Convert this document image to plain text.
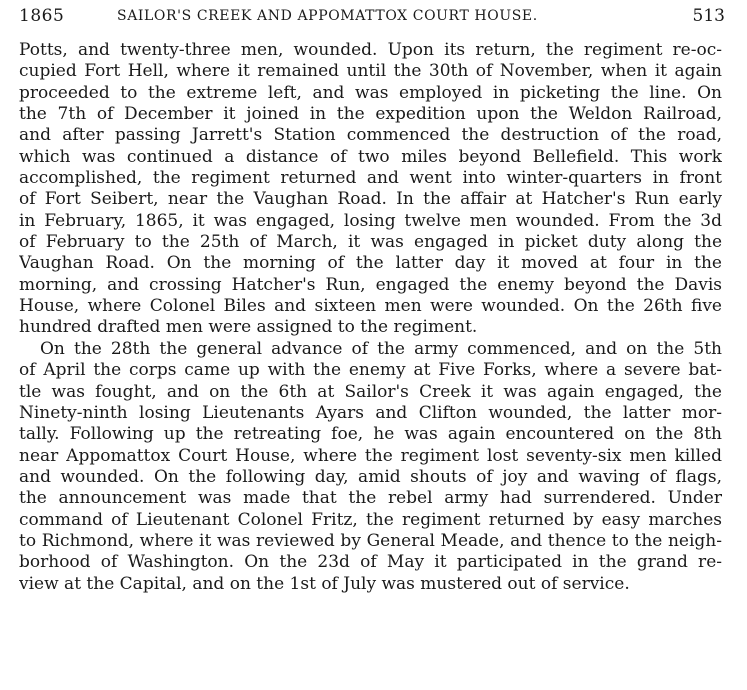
1865	SAILOR'S CREEK AND APPOMATTOX COURT HOUSE.	513
Potts, and twenty-three men, wounded. Upon its return, the regiment re-oc-
cupied Fort Hell, where it remained until the 30th of November, when it again
proceeded to the extreme left, and was employed in picketing the line. On
the 7th of December it joined in the expedition upon the Weldon Railroad,
and after passing Jarrett's Station commenced the destruction of the road,
which was continued a distance of two miles beyond Bellefield. This work
accomplished, the regiment returned and went into winter-quarters in front
of Fort Seibert, near the Vaughan Road. In the affair at Hatcher's Run early
in February, 1865, it was engaged, losing twelve men wounded. From the 3d
of February to the 25th of March, it was engaged in picket duty along the
Vaughan Road. On the morning of the latter day it moved at four in the
morning, and crossing Hatcher's Run, engaged the enemy beyond the Davis
House, where Colonel Biles and sixteen men were wounded. On the 26th five
hundred drafted men were assigned to the regiment.
On the 28th the general advance of the army commenced, and on the 5th
of April the corps came up with the enemy at Five Forks, where a severe bat-
tle was fought, and on the 6th at Sailor's Creek it was again engaged, the
Ninety-ninth losing Lieutenants Ayars and Clifton wounded, the latter mor-
tally. Following up the retreating foe, he was again encountered on the 8th
near Appomattox Court House, where the regiment lost seventy-six men killed
and wounded. On the following day, amid shouts of joy and waving of flags,
the announcement was made that the rebel army had surrendered. Under
command of Lieutenant Colonel Fritz, the regiment returned by easy marches
to Richmond, where it was reviewed by General Meade, and thence to the neigh-
borhood of Washington. On the 23d of May it participated in the grand re-
view at the Capital, and on the 1st of July was mustered out of service.
